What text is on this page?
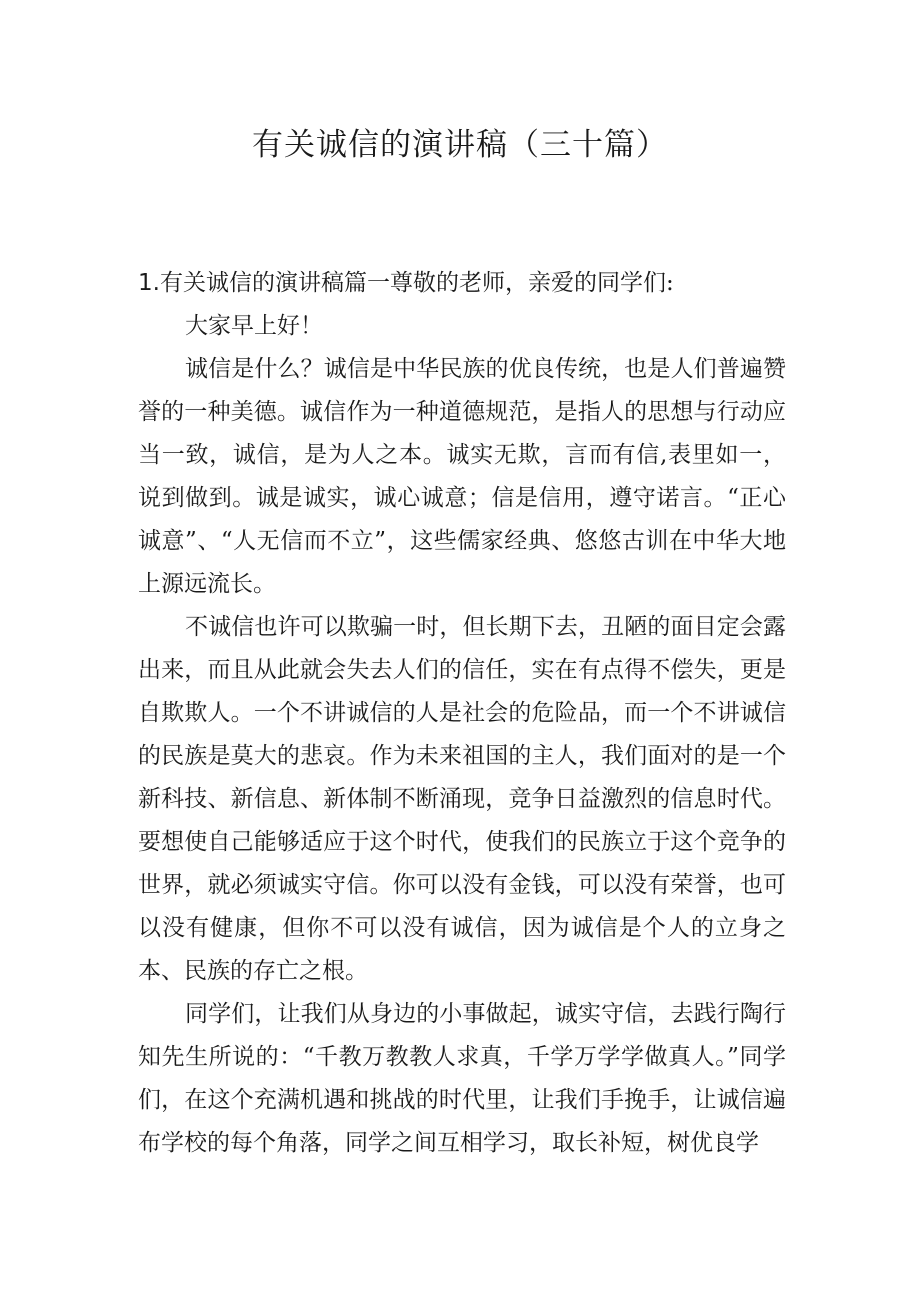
有关诚信的演讲稿（三十篇）

1.有关诚信的演讲稿篇一尊敬的老师，亲爱的同学们:

大家早上好！

诚信是什么？诚信是中华民族的优良传统，也是人们普遍赞誉的一种美德。诚信作为一种道德规范，是指人的思想与行动应当一致，诚信，是为人之本。诚实无欺，言而有信,表里如一，说到做到。诚是诚实，诚心诚意；信是信用，遵守诺言。“正心诚意”、“人无信而不立”，这些儒家经典、悠悠古训在中华大地上源远流长。

不诚信也许可以欺骗一时，但长期下去，丑陋的面目定会露出来，而且从此就会失去人们的信任，实在有点得不偿失，更是自欺欺人。一个不讲诚信的人是社会的危险品，而一个不讲诚信的民族是莫大的悲哀。作为未来祖国的主人，我们面对的是一个新科技、新信息、新体制不断涌现，竞争日益激烈的信息时代。要想使自己能够适应于这个时代，使我们的民族立于这个竞争的世界，就必须诚实守信。你可以没有金钱，可以没有荣誉，也可以没有健康，但你不可以没有诚信，因为诚信是个人的立身之本、民族的存亡之根。

同学们，让我们从身边的小事做起，诚实守信，去践行陶行知先生所说的：“千教万教教人求真，千学万学学做真人。”同学们，在这个充满机遇和挑战的时代里，让我们手挽手，让诚信遍布学校的每个角落，同学之间互相学习，取长补短，树优良学
